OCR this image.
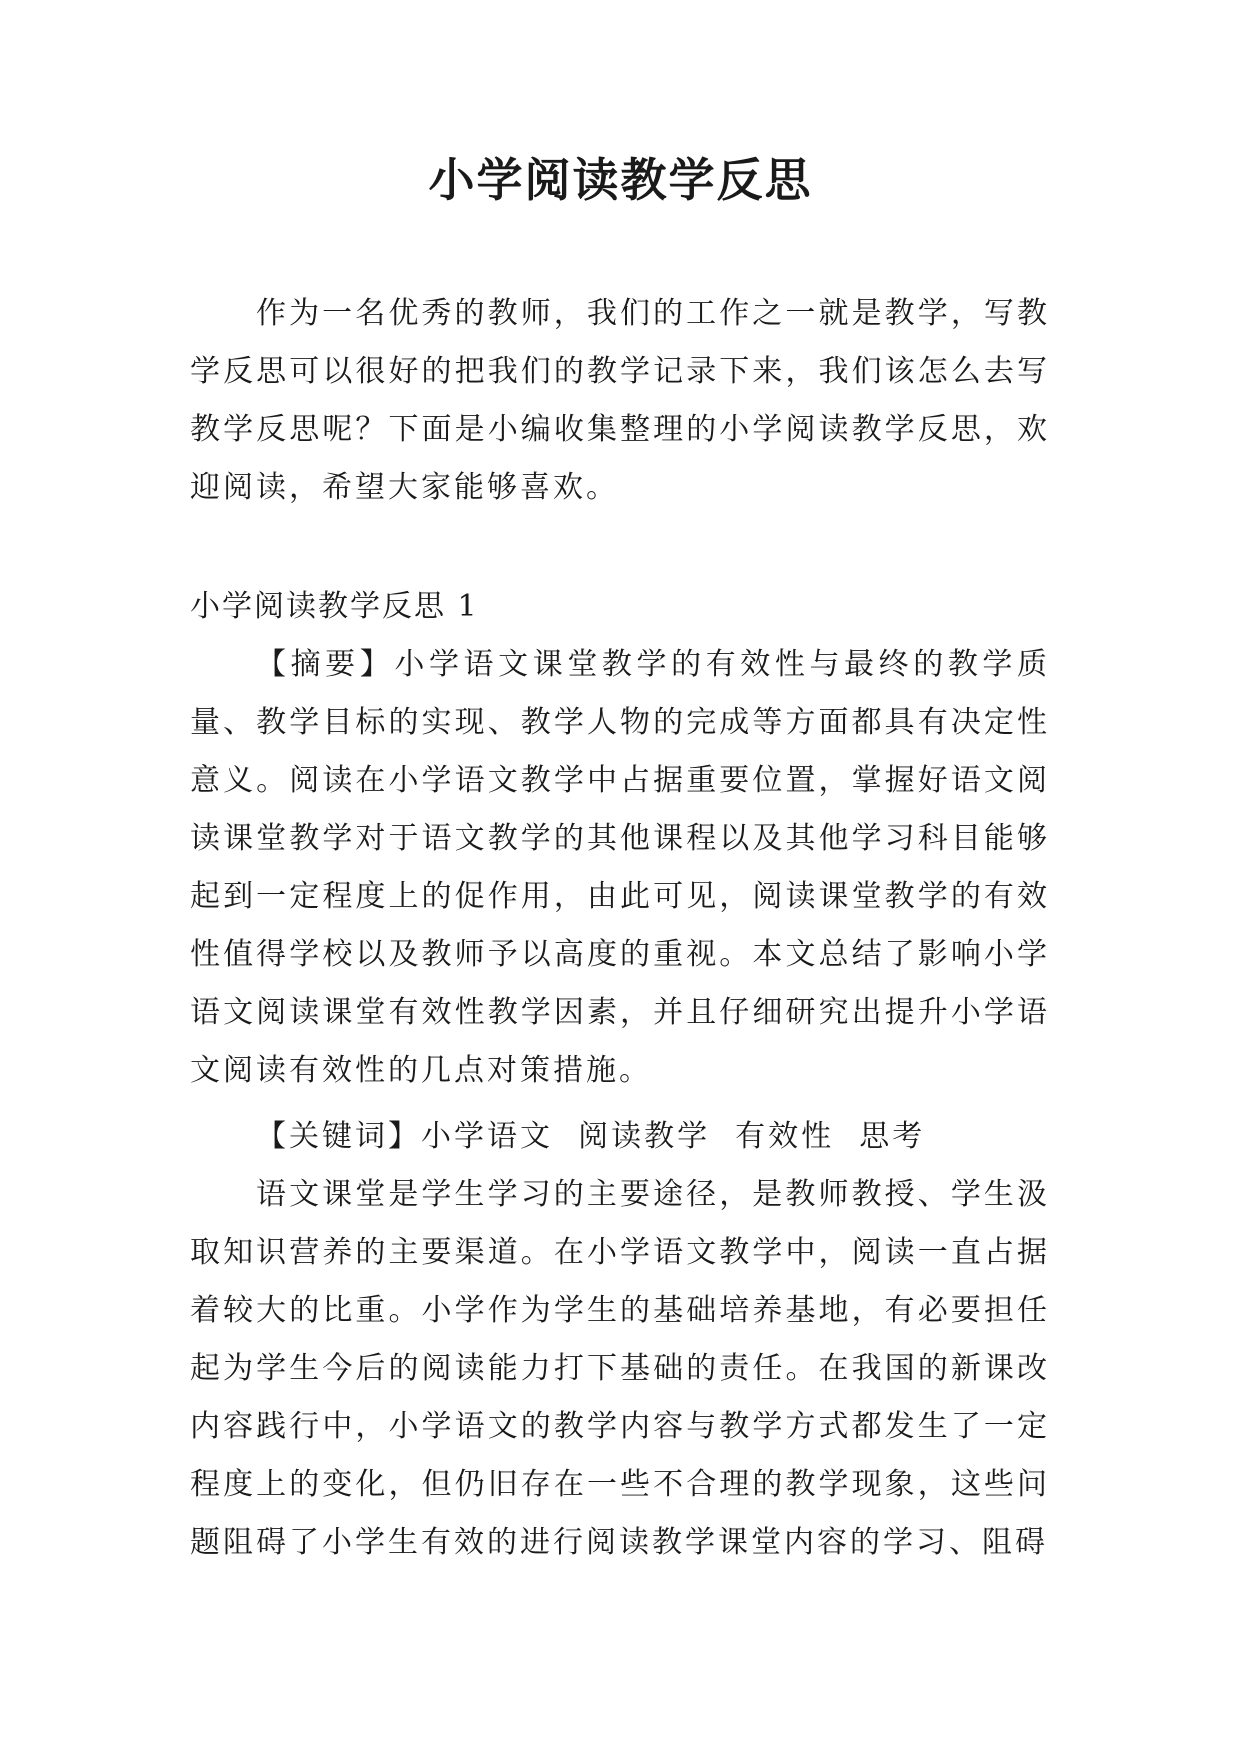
小学阅读教学反思

作为一名优秀的教师，我们的工作之一就是教学，写教学反思可以很好的把我们的教学记录下来，我们该怎么去写教学反思呢？下面是小编收集整理的小学阅读教学反思，欢迎阅读，希望大家能够喜欢。

小学阅读教学反思 1

【摘要】小学语文课堂教学的有效性与最终的教学质量、教学目标的实现、教学人物的完成等方面都具有决定性意义。阅读在小学语文教学中占据重要位置，掌握好语文阅读课堂教学对于语文教学的其他课程以及其他学习科目能够起到一定程度上的促作用，由此可见，阅读课堂教学的有效性值得学校以及教师予以高度的重视。本文总结了影响小学语文阅读课堂有效性教学因素，并且仔细研究出提升小学语文阅读有效性的几点对策措施。

【关键词】小学语文  阅读教学  有效性  思考

语文课堂是学生学习的主要途径，是教师教授、学生汲取知识营养的主要渠道。在小学语文教学中，阅读一直占据着较大的比重。小学作为学生的基础培养基地，有必要担任起为学生今后的阅读能力打下基础的责任。在我国的新课改内容践行中，小学语文的教学内容与教学方式都发生了一定程度上的变化，但仍旧存在一些不合理的教学现象，这些问题阻碍了小学生有效的进行阅读教学课堂内容的学习、阻碍
